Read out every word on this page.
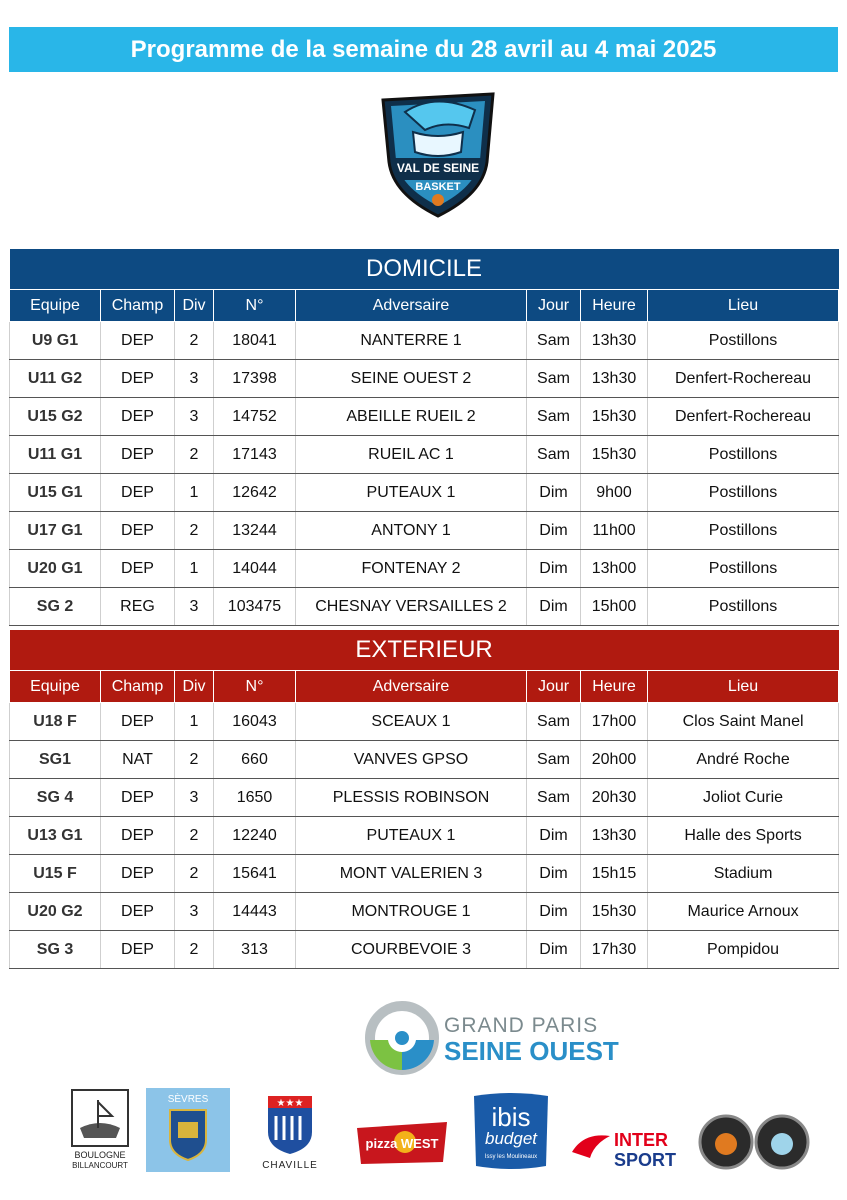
Programme de la semaine du 28 avril au 4 mai 2025
VAL DE SEINE
BASKET
DOMICILE							
Equipe	Champ	Div	N°	Adversaire	Jour	Heure	Lieu
U9 G1	DEP	2	18041	NANTERRE 1	Sam	13h30	Postillons
U11 G2	DEP	3	17398	SEINE OUEST 2	Sam	13h30	Denfert-Rochereau
U15 G2	DEP	3	14752	ABEILLE RUEIL 2	Sam	15h30	Denfert-Rochereau
U11 G1	DEP	2	17143	RUEIL AC 1	Sam	15h30	Postillons
U15 G1	DEP	1	12642	PUTEAUX 1	Dim	9h00	Postillons
U17 G1	DEP	2	13244	ANTONY 1	Dim	11h00	Postillons
U20 G1	DEP	1	14044	FONTENAY 2	Dim	13h00	Postillons
SG 2	REG	3	103475	CHESNAY VERSAILLES 2	Dim	15h00	Postillons
EXTERIEUR							
Equipe	Champ	Div	N°	Adversaire	Jour	Heure	Lieu
U18 F	DEP	1	16043	SCEAUX 1	Sam	17h00	Clos Saint Manel
SG1	NAT	2	660	VANVES GPSO	Sam	20h00	André Roche
SG 4	DEP	3	1650	PLESSIS ROBINSON	Sam	20h30	Joliot Curie
U13 G1	DEP	2	12240	PUTEAUX 1	Dim	13h30	Halle des Sports
U15 F	DEP	2	15641	MONT VALERIEN 3	Dim	15h15	Stadium
U20 G2	DEP	3	14443	MONTROUGE 1	Dim	15h30	Maurice Arnoux
SG 3	DEP	2	313	COURBEVOIE 3	Dim	17h30	Pompidou
GRAND PARIS
SEINE OUEST
BOULOGNE
BILLANCOURT
SÈVRES	★★★
CHAVILLE
pizza WEST
ibis
budget
Issy les Moulineaux
INTER
SPORT
